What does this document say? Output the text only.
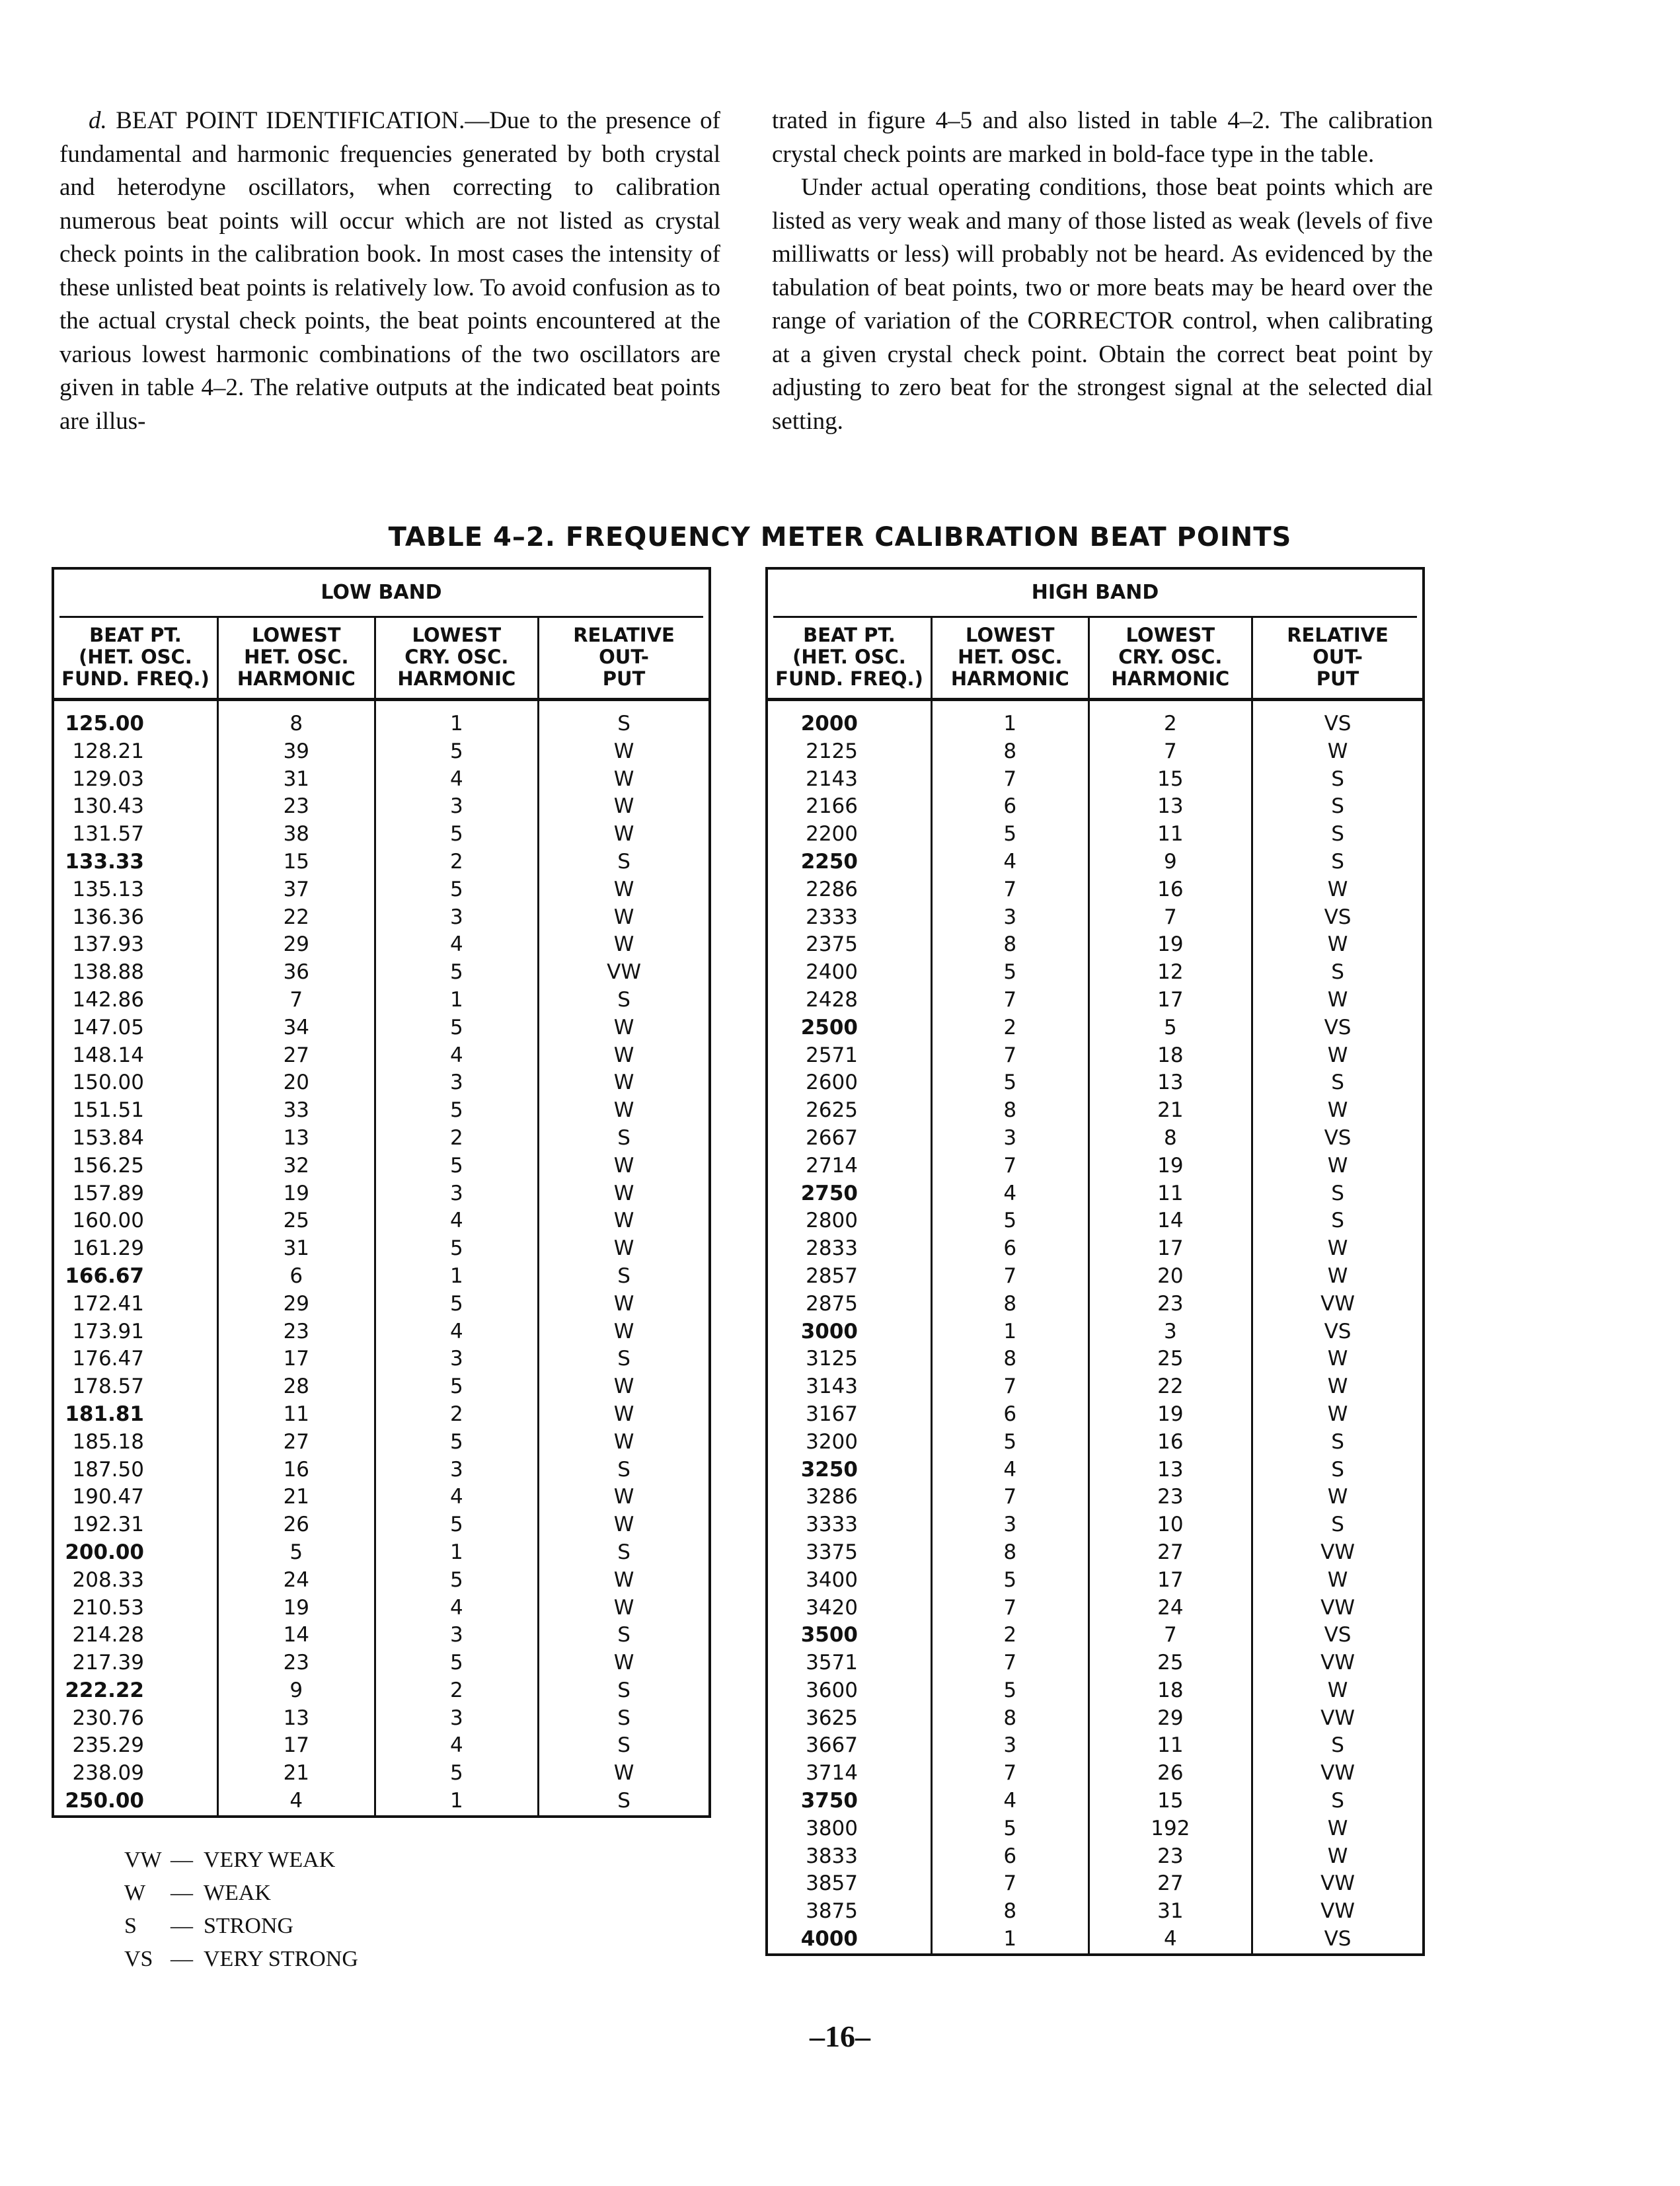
d. BEAT POINT IDENTIFICATION.—Due to the presence of fundamental and harmonic frequencies generated by both crystal and heterodyne oscillators, when correcting to calibration numerous beat points will occur which are not listed as crystal check points in the calibration book. In most cases the intensity of these unlisted beat points is relatively low. To avoid confusion as to the actual crystal check points, the beat points encountered at the various lowest harmonic combinations of the two oscillators are given in table 4–2. The relative outputs at the indicated beat points are illus-

trated in figure 4–5 and also listed in table 4–2. The calibration crystal check points are marked in bold-face type in the table.

Under actual operating conditions, those beat points which are listed as very weak and many of those listed as weak (levels of five milliwatts or less) will probably not be heard. As evidenced by the tabulation of beat points, two or more beats may be heard over the range of variation of the CORRECTOR control, when calibrating at a given crystal check point. Obtain the correct beat point by adjusting to zero beat for the strongest signal at the selected dial setting.

TABLE 4–2. FREQUENCY METER CALIBRATION BEAT POINTS
LOW BAND
BEAT PT.
(HET. OSC.
FUND. FREQ.)	LOWEST
HET. OSC.
HARMONIC	LOWEST
CRY. OSC.
HARMONIC	RELATIVE
OUT-
PUT
125.00	8	1	S
128.21	39	5	W
129.03	31	4	W
130.43	23	3	W
131.57	38	5	W
133.33	15	2	S
135.13	37	5	W
136.36	22	3	W
137.93	29	4	W
138.88	36	5	VW
142.86	7	1	S
147.05	34	5	W
148.14	27	4	W
150.00	20	3	W
151.51	33	5	W
153.84	13	2	S
156.25	32	5	W
157.89	19	3	W
160.00	25	4	W
161.29	31	5	W
166.67	6	1	S
172.41	29	5	W
173.91	23	4	W
176.47	17	3	S
178.57	28	5	W
181.81	11	2	W
185.18	27	5	W
187.50	16	3	S
190.47	21	4	W
192.31	26	5	W
200.00	5	1	S
208.33	24	5	W
210.53	19	4	W
214.28	14	3	S
217.39	23	5	W
222.22	9	2	S
230.76	13	3	S
235.29	17	4	S
238.09	21	5	W
250.00	4	1	S
HIGH BAND
BEAT PT.
(HET. OSC.
FUND. FREQ.)	LOWEST
HET. OSC.
HARMONIC	LOWEST
CRY. OSC.
HARMONIC	RELATIVE
OUT-
PUT
2000	1	2	VS
2125	8	7	W
2143	7	15	S
2166	6	13	S
2200	5	11	S
2250	4	9	S
2286	7	16	W
2333	3	7	VS
2375	8	19	W
2400	5	12	S
2428	7	17	W
2500	2	5	VS
2571	7	18	W
2600	5	13	S
2625	8	21	W
2667	3	8	VS
2714	7	19	W
2750	4	11	S
2800	5	14	S
2833	6	17	W
2857	7	20	W
2875	8	23	VW
3000	1	3	VS
3125	8	25	W
3143	7	22	W
3167	6	19	W
3200	5	16	S
3250	4	13	S
3286	7	23	W
3333	3	10	S
3375	8	27	VW
3400	5	17	W
3420	7	24	VW
3500	2	7	VS
3571	7	25	VW
3600	5	18	W
3625	8	29	VW
3667	3	11	S
3714	7	26	VW
3750	4	15	S
3800	5	192	W
3833	6	23	W
3857	7	27	VW
3875	8	31	VW
4000	1	4	VS
VW — VERY WEAK
W	— WEAK
S	— STRONG
VS — VERY STRONG
–16–
